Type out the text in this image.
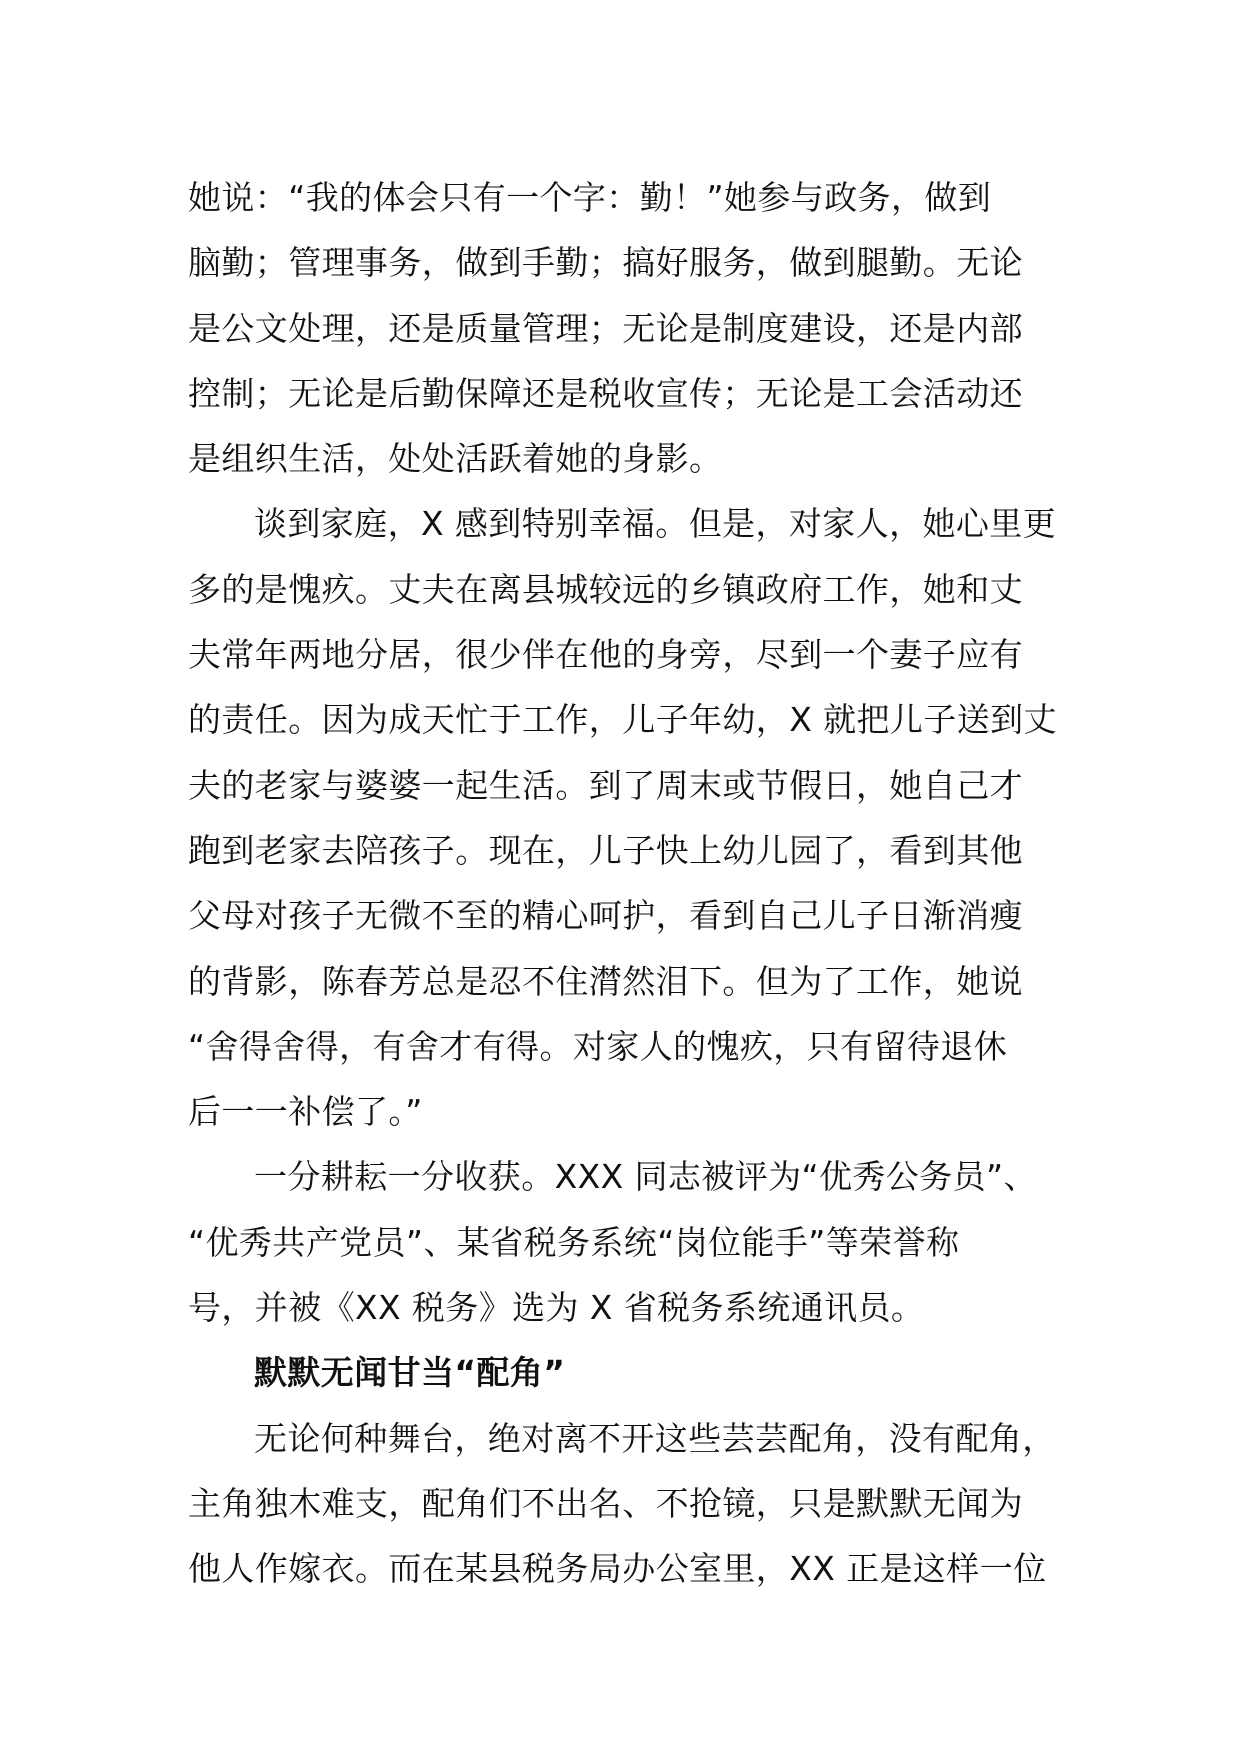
她说：“我的体会只有一个字：勤！”她参与政务，做到
脑勤；管理事务，做到手勤；搞好服务，做到腿勤。无论
是公文处理，还是质量管理；无论是制度建设，还是内部
控制；无论是后勤保障还是税收宣传；无论是工会活动还
是组织生活，处处活跃着她的身影。
谈到家庭，X 感到特别幸福。但是，对家人，她心里更
多的是愧疚。丈夫在离县城较远的乡镇政府工作，她和丈
夫常年两地分居，很少伴在他的身旁，尽到一个妻子应有
的责任。因为成天忙于工作，儿子年幼，X 就把儿子送到丈
夫的老家与婆婆一起生活。到了周末或节假日，她自己才
跑到老家去陪孩子。现在，儿子快上幼儿园了，看到其他
父母对孩子无微不至的精心呵护，看到自己儿子日渐消瘦
的背影，陈春芳总是忍不住潸然泪下。但为了工作，她说
“舍得舍得，有舍才有得。对家人的愧疚，只有留待退休
后一一补偿了。”
一分耕耘一分收获。XXX 同志被评为“优秀公务员”、
“优秀共产党员”、某省税务系统“岗位能手”等荣誉称
号，并被《XX 税务》选为 X 省税务系统通讯员。
默默无闻甘当“配角”
无论何种舞台，绝对离不开这些芸芸配角，没有配角，
主角独木难支，配角们不出名、不抢镜，只是默默无闻为
他人作嫁衣。而在某县税务局办公室里，XX 正是这样一位
